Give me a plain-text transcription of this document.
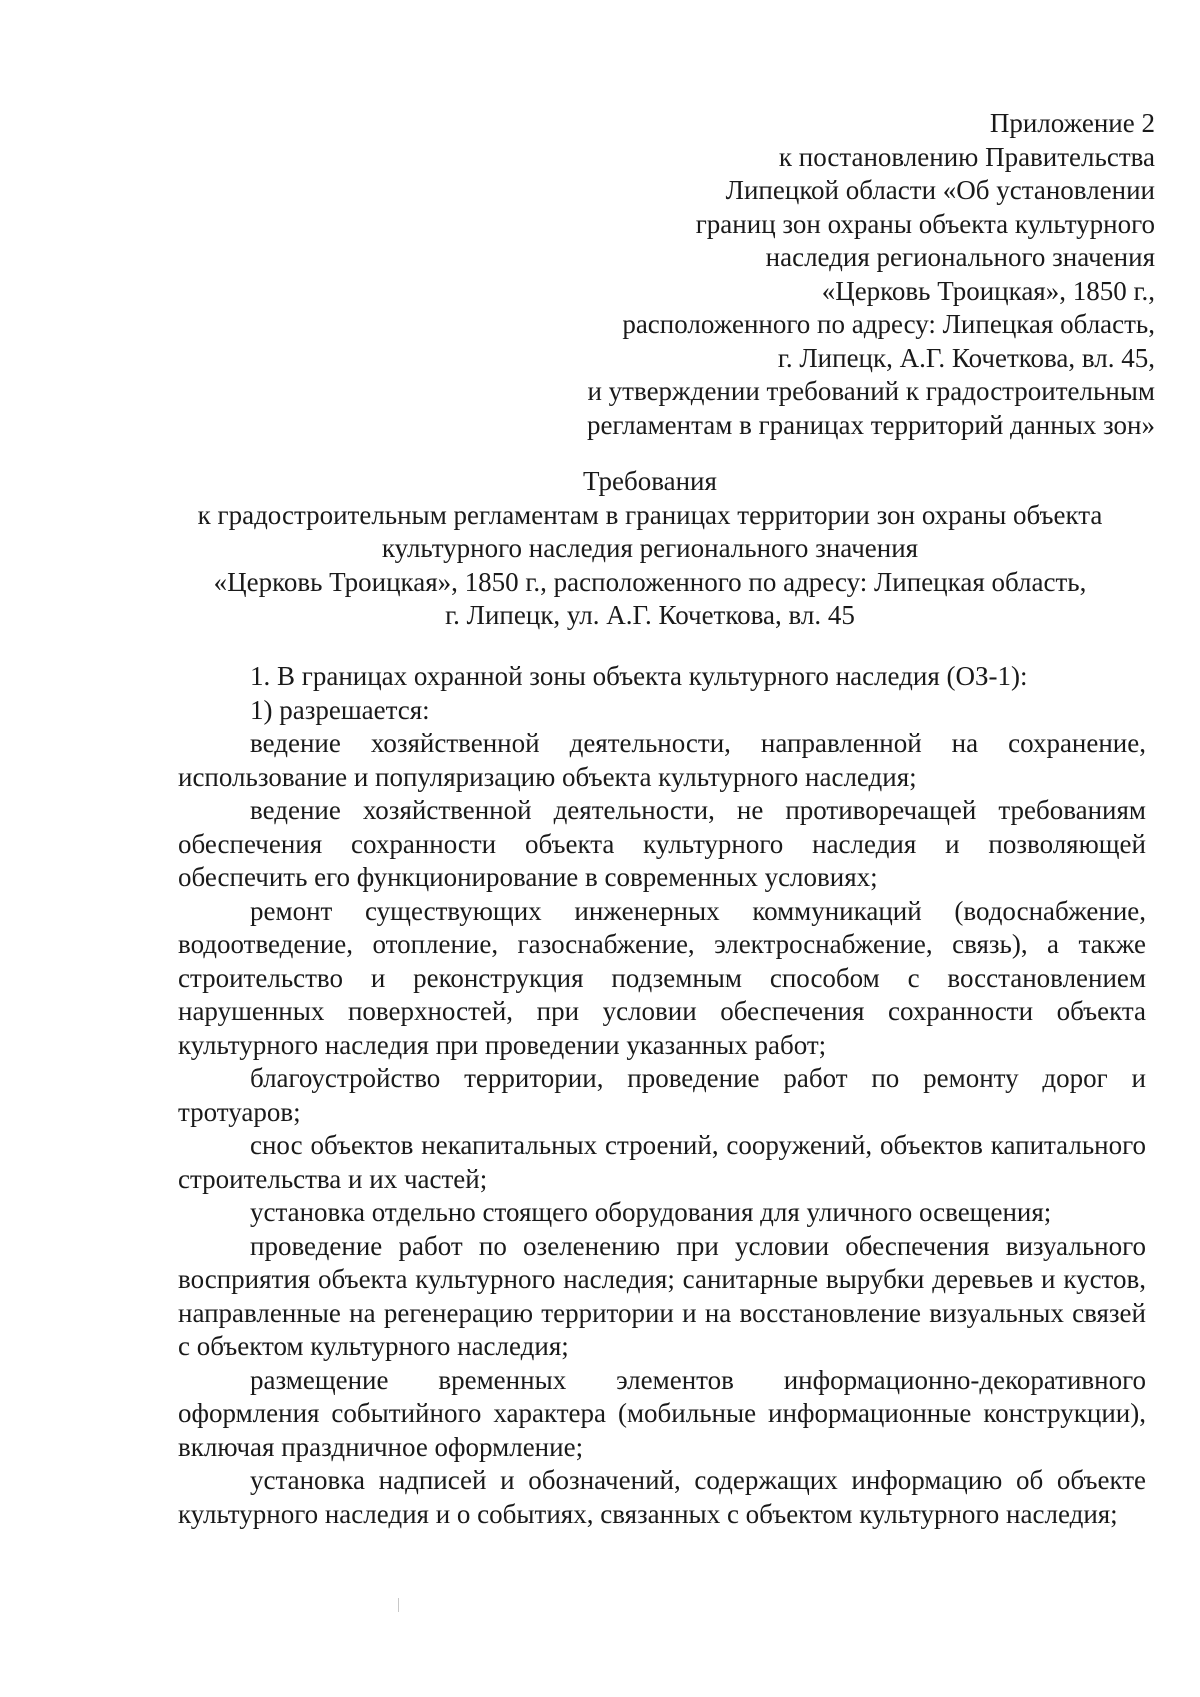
Приложение 2
к постановлению Правительства
Липецкой области «Об установлении
границ зон охраны объекта культурного
наследия регионального значения
«Церковь Троицкая», 1850 г.,
расположенного по адресу: Липецкая область,
г. Липецк, А.Г. Кочеткова, вл. 45,
и утверждении требований к градостроительным
регламентам в границах территорий данных зон»
Требования
к градостроительным регламентам в границах территории зон охраны объекта
культурного наследия регионального значения
«Церковь Троицкая», 1850 г., расположенного по адресу: Липецкая область,
г. Липецк, ул. А.Г. Кочеткова, вл. 45

1. В границах охранной зоны объекта культурного наследия (ОЗ-1):

1) разрешается:

ведение хозяйственной деятельности, направленной на сохранение, использование и популяризацию объекта культурного наследия;

ведение хозяйственной деятельности, не противоречащей требованиям обеспечения сохранности объекта культурного наследия и позволяющей обеспечить его функционирование в современных условиях;

ремонт существующих инженерных коммуникаций (водоснабжение, водоотведение, отопление, газоснабжение, электроснабжение, связь), а также строительство и реконструкция подземным способом с восстановлением нарушенных поверхностей, при условии обеспечения сохранности объекта культурного наследия при проведении указанных работ;

благоустройство территории, проведение работ по ремонту дорог и тротуаров;

снос объектов некапитальных строений, сооружений, объектов капитального строительства и их частей;

установка отдельно стоящего оборудования для уличного освещения;

проведение работ по озеленению при условии обеспечения визуального восприятия объекта культурного наследия; санитарные вырубки деревьев и кустов, направленные на регенерацию территории и на восстановление визуальных связей с объектом культурного наследия;

размещение временных элементов информационно-декоративного оформления событийного характера (мобильные информационные конструкции), включая праздничное оформление;

установка надписей и обозначений, содержащих информацию об объекте культурного наследия и о событиях, связанных с объектом культурного наследия;
